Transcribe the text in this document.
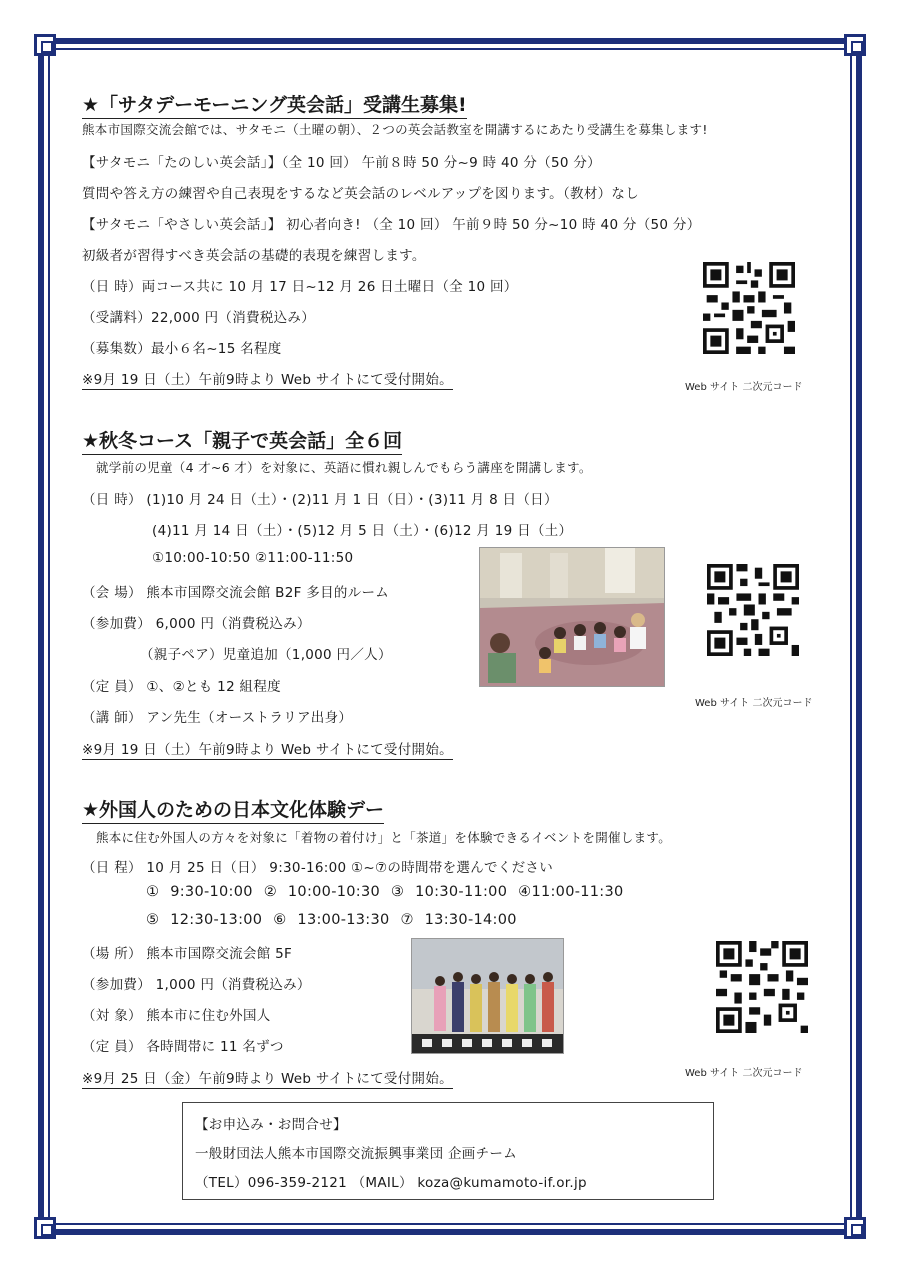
★「サタデーモーニング英会話」受講生募集!
熊本市国際交流会館では、サタモニ（土曜の朝）、２つの英会話教室を開講するにあたり受講生を募集します!
【サタモニ「たのしい英会話」】（全 10 回） 午前８時 50 分~9 時 40 分（50 分）
質問や答え方の練習や自己表現をするなど英会話のレベルアップを図ります。（教材）なし
【サタモニ「やさしい英会話」】 初心者向き! （全 10 回） 午前９時 50 分~10 時 40 分（50 分）
初級者が習得すべき英会話の基礎的表現を練習します。
（日 時）両コース共に 10 月 17 日~12 月 26 日土曜日（全 10 回）
（受講料）22,000 円（消費税込み）
（募集数）最小６名~15 名程度
※9月 19 日（土）午前9時より Web サイトにて受付開始。	Web サイト 二次元コード
★秋冬コース「親子で英会話」全６回
就学前の児童（4 才~6 才）を対象に、英語に慣れ親しんでもらう講座を開講します。
（日 時） (1)10 月 24 日（土）・(2)11 月 1 日（日）・(3)11 月 8 日（日）
(4)11 月 14 日（土）・(5)12 月 5 日（土）・(6)12 月 19 日（土）
①10:00-10:50 ②11:00-11:50
（会 場） 熊本市国際交流会館 B2F 多目的ルーム
（参加費） 6,000 円（消費税込み）
（親子ペア）児童追加（1,000 円／人）
（定 員） ①、②とも 12 組程度
（講 師） アン先生（オーストラリア出身）
※9月 19 日（土）午前9時より Web サイトにて受付開始。
Web サイト 二次元コード
★外国人のための日本文化体験デー
熊本に住む外国人の方々を対象に「着物の着付け」と「茶道」を体験できるイベントを開催します。
（日 程） 10 月 25 日（日） 9:30-16:00 ①~⑦の時間帯を選んでください
① 9:30-10:00 ② 10:00-10:30 ③ 10:30-11:00 ④11:00-11:30
⑤ 12:30-13:00 ⑥ 13:00-13:30 ⑦ 13:30-14:00
（場 所） 熊本市国際交流会館 5F
（参加費） 1,000 円（消費税込み）
（対 象） 熊本市に住む外国人
（定 員） 各時間帯に 11 名ずつ
※9月 25 日（金）午前9時より Web サイトにて受付開始。	Web サイト 二次元コード
【お申込み・お問合せ】
一般財団法人熊本市国際交流振興事業団 企画チーム
（TEL）096-359-2121 （MAIL） koza@kumamoto-if.or.jp
